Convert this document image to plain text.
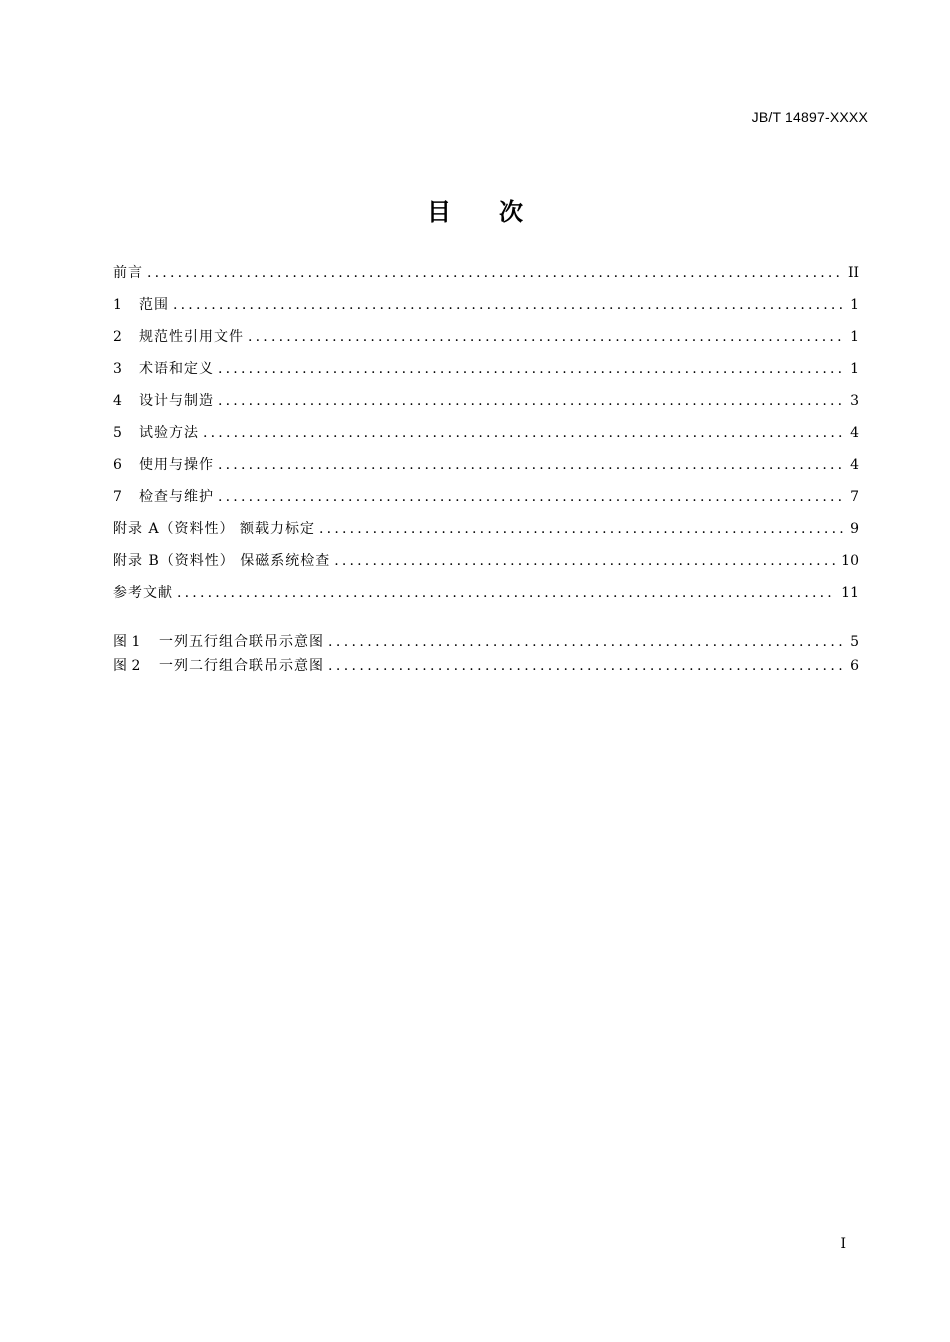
JB/T 14897-XXXX
目 次
前言 .....	II
1	范围 .....	1
2	规范性引用文件 .....	1
3	术语和定义 .....	1
4	设计与制造 .....	3
5	试验方法 .....	4
6	使用与操作 .....	4
7	检查与维护 .....	7
附录 A（资料性） 额载力标定 .....	9
附录 B（资料性） 保磁系统检查 .....	10
参考文献 .....	11
图 1	一列五行组合联吊示意图 .....	5
图 2	一列二行组合联吊示意图 .....	6
I
